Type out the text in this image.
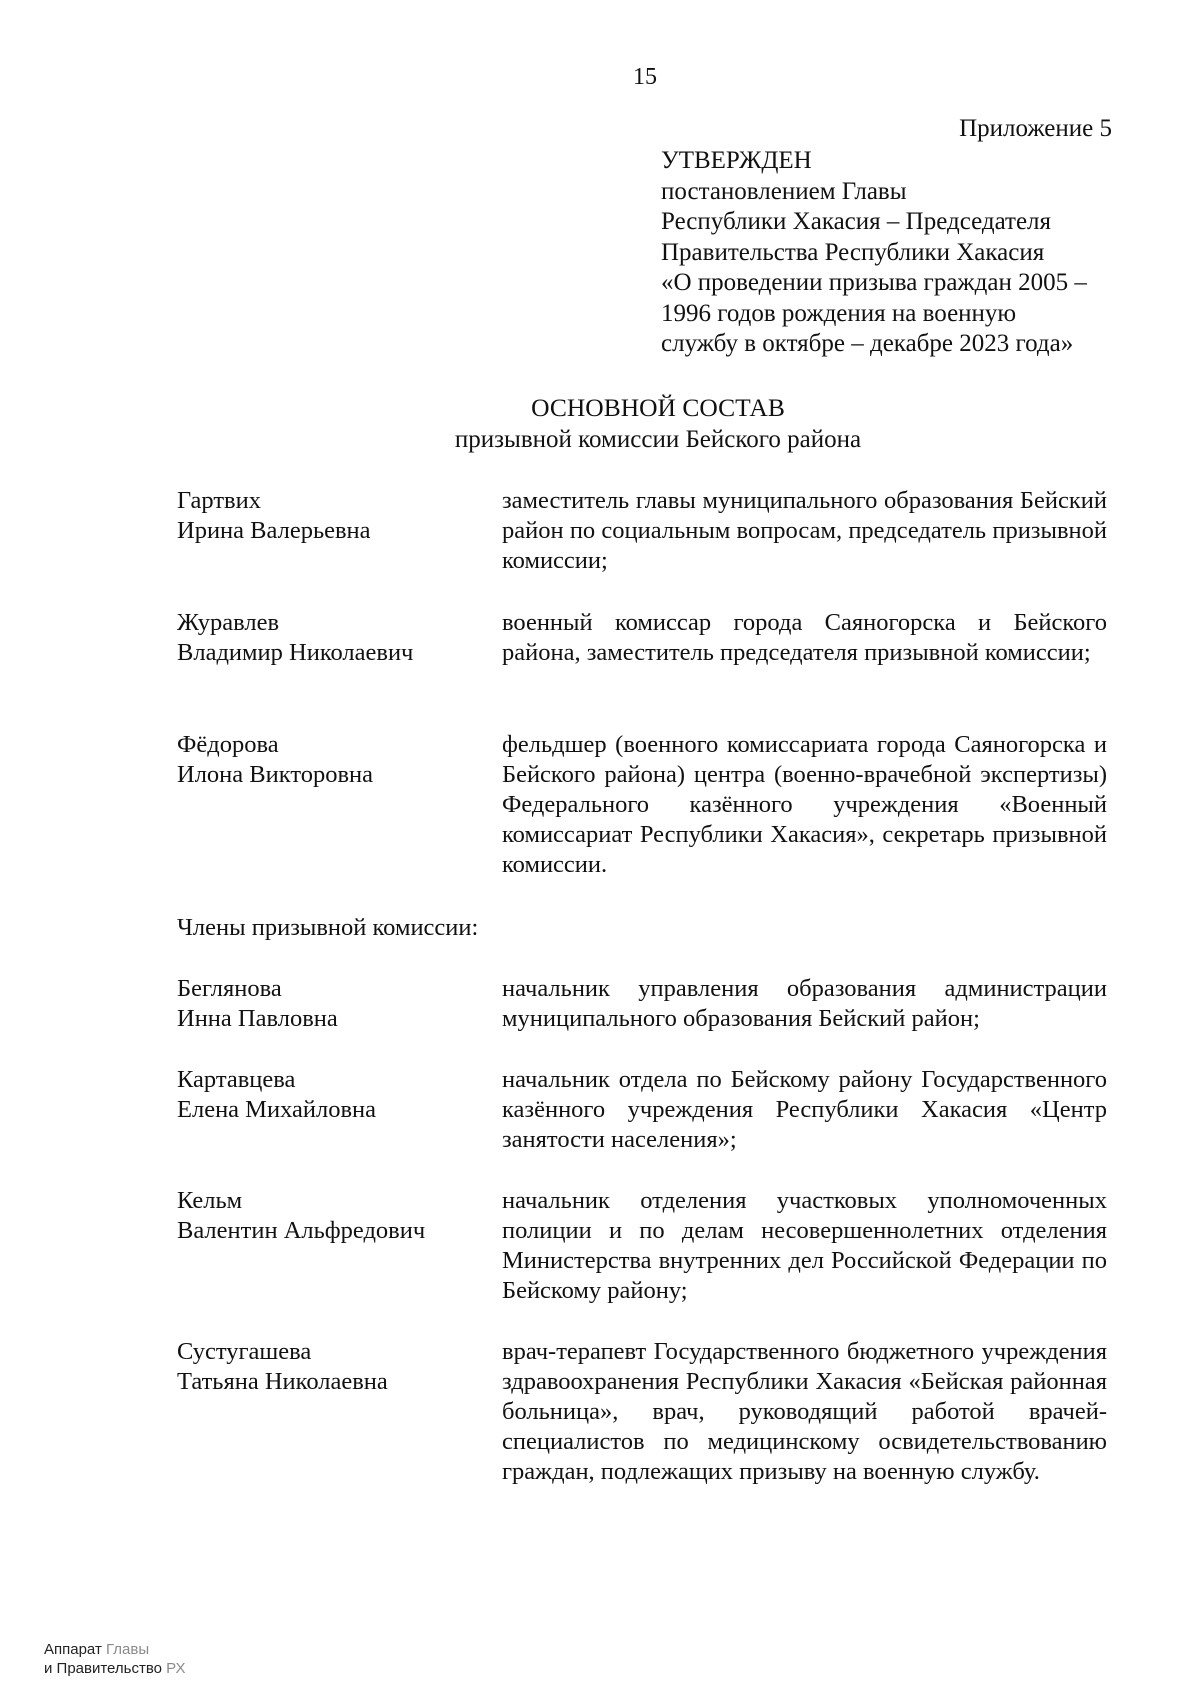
15
Приложение 5
УТВЕРЖДЕН
постановлением Главы
Республики Хакасия – Председателя
Правительства Республики Хакасия
«О проведении призыва граждан 2005 –
1996 годов рождения на военную
службу в октябре – декабре 2023 года»
ОСНОВНОЙ СОСТАВ
призывной комиссии Бейского района
Гартвих
Ирина Валерьевна
заместитель главы муниципального образования Бейский район по социальным вопросам, председатель призывной комиссии;
Журавлев
Владимир Николаевич
военный комиссар города Саяногорска и Бейского района, заместитель председателя призывной комиссии;
Фёдорова
Илона Викторовна
фельдшер (военного комиссариата города Саяногорска и Бейского района) центра (военно-врачебной экспертизы) Федерального казённого учреждения «Военный комиссариат Республики Хакасия», секретарь призывной комиссии.
Члены призывной комиссии:
Беглянова
Инна Павловна
начальник управления образования администрации муниципального образования Бейский район;
Картавцева
Елена Михайловна
начальник отдела по Бейскому району Государственного казённого учреждения Республики Хакасия «Центр занятости населения»;
Кельм
Валентин Альфредович
начальник отделения участковых уполномоченных полиции и по делам несовершеннолетних отделения Министерства внутренних дел Российской Федерации по Бейскому району;
Сустугашева
Татьяна Николаевна
врач-терапевт Государственного бюджетного учреждения здравоохранения Республики Хакасия «Бейская районная больница», врач, руководящий работой врачей-специалистов по медицинскому освидетельствованию граждан, подлежащих призыву на военную службу.
Аппарат Главы
и Правительство РХ
